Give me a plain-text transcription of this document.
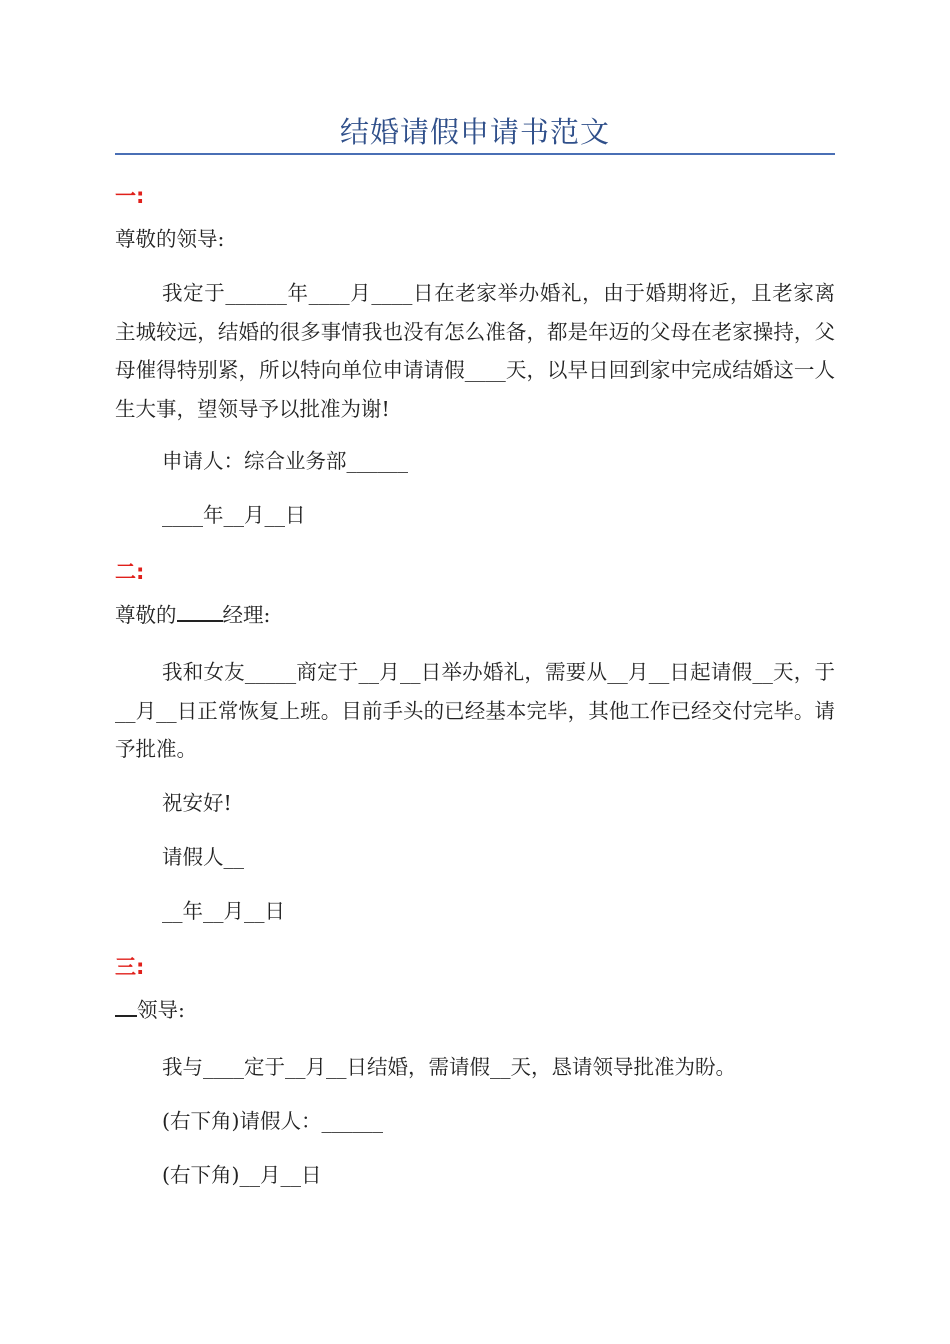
结婚请假申请书范文
一:
尊敬的领导:
我定于______年____月____日在老家举办婚礼，由于婚期将近，且老家离主城较远，结婚的很多事情我也没有怎么准备，都是年迈的父母在老家操持，父母催得特别紧，所以特向单位申请请假____天，以早日回到家中完成结婚这一人生大事，望领导予以批准为谢!
申请人：综合业务部______
____年__月__日
二:
尊敬的 经理:
我和女友_____商定于__月__日举办婚礼，需要从__月__日起请假__天，于__月__日正常恢复上班。目前手头的已经基本完毕，其他工作已经交付完毕。请予批准。
祝安好!
请假人__
__年__月__日
三:
领导:
我与____定于__月__日结婚，需请假__天，恳请领导批准为盼。
(右下角)请假人：______
(右下角)__月__日
